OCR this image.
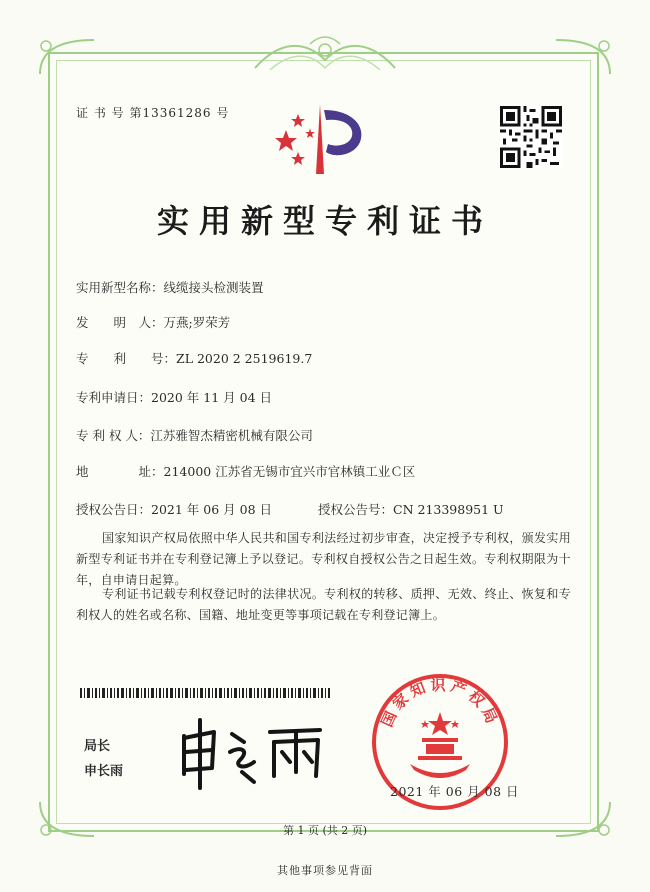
证 书 号 第13361286 号
实用新型专利证书
实用新型名称：线缆接头检测装置
发　　明　人：万燕;罗荣芳
专　　利　　号：ZL 2020 2 2519619.7
专利申请日：2020 年 11 月 04 日
专 利 权 人：江苏雅智杰精密机械有限公司
地　　　　址：214000 江苏省无锡市宜兴市官林镇工业Ｃ区
授权公告日：2021 年 06 月 08 日	授权公告号：CN 213398951 U
国家知识产权局依照中华人民共和国专利法经过初步审查，决定授予专利权，颁发实用新型专利证书并在专利登记簿上予以登记。专利权自授权公告之日起生效。专利权期限为十年，自申请日起算。
专利证书记载专利权登记时的法律状况。专利权的转移、质押、无效、终止、恢复和专利权人的姓名或名称、国籍、地址变更等事项记载在专利登记簿上。
局长
申长雨
国家知识产权局
2021 年 06 月 08 日
第 1 页 (共 2 页)
其他事项参见背面
